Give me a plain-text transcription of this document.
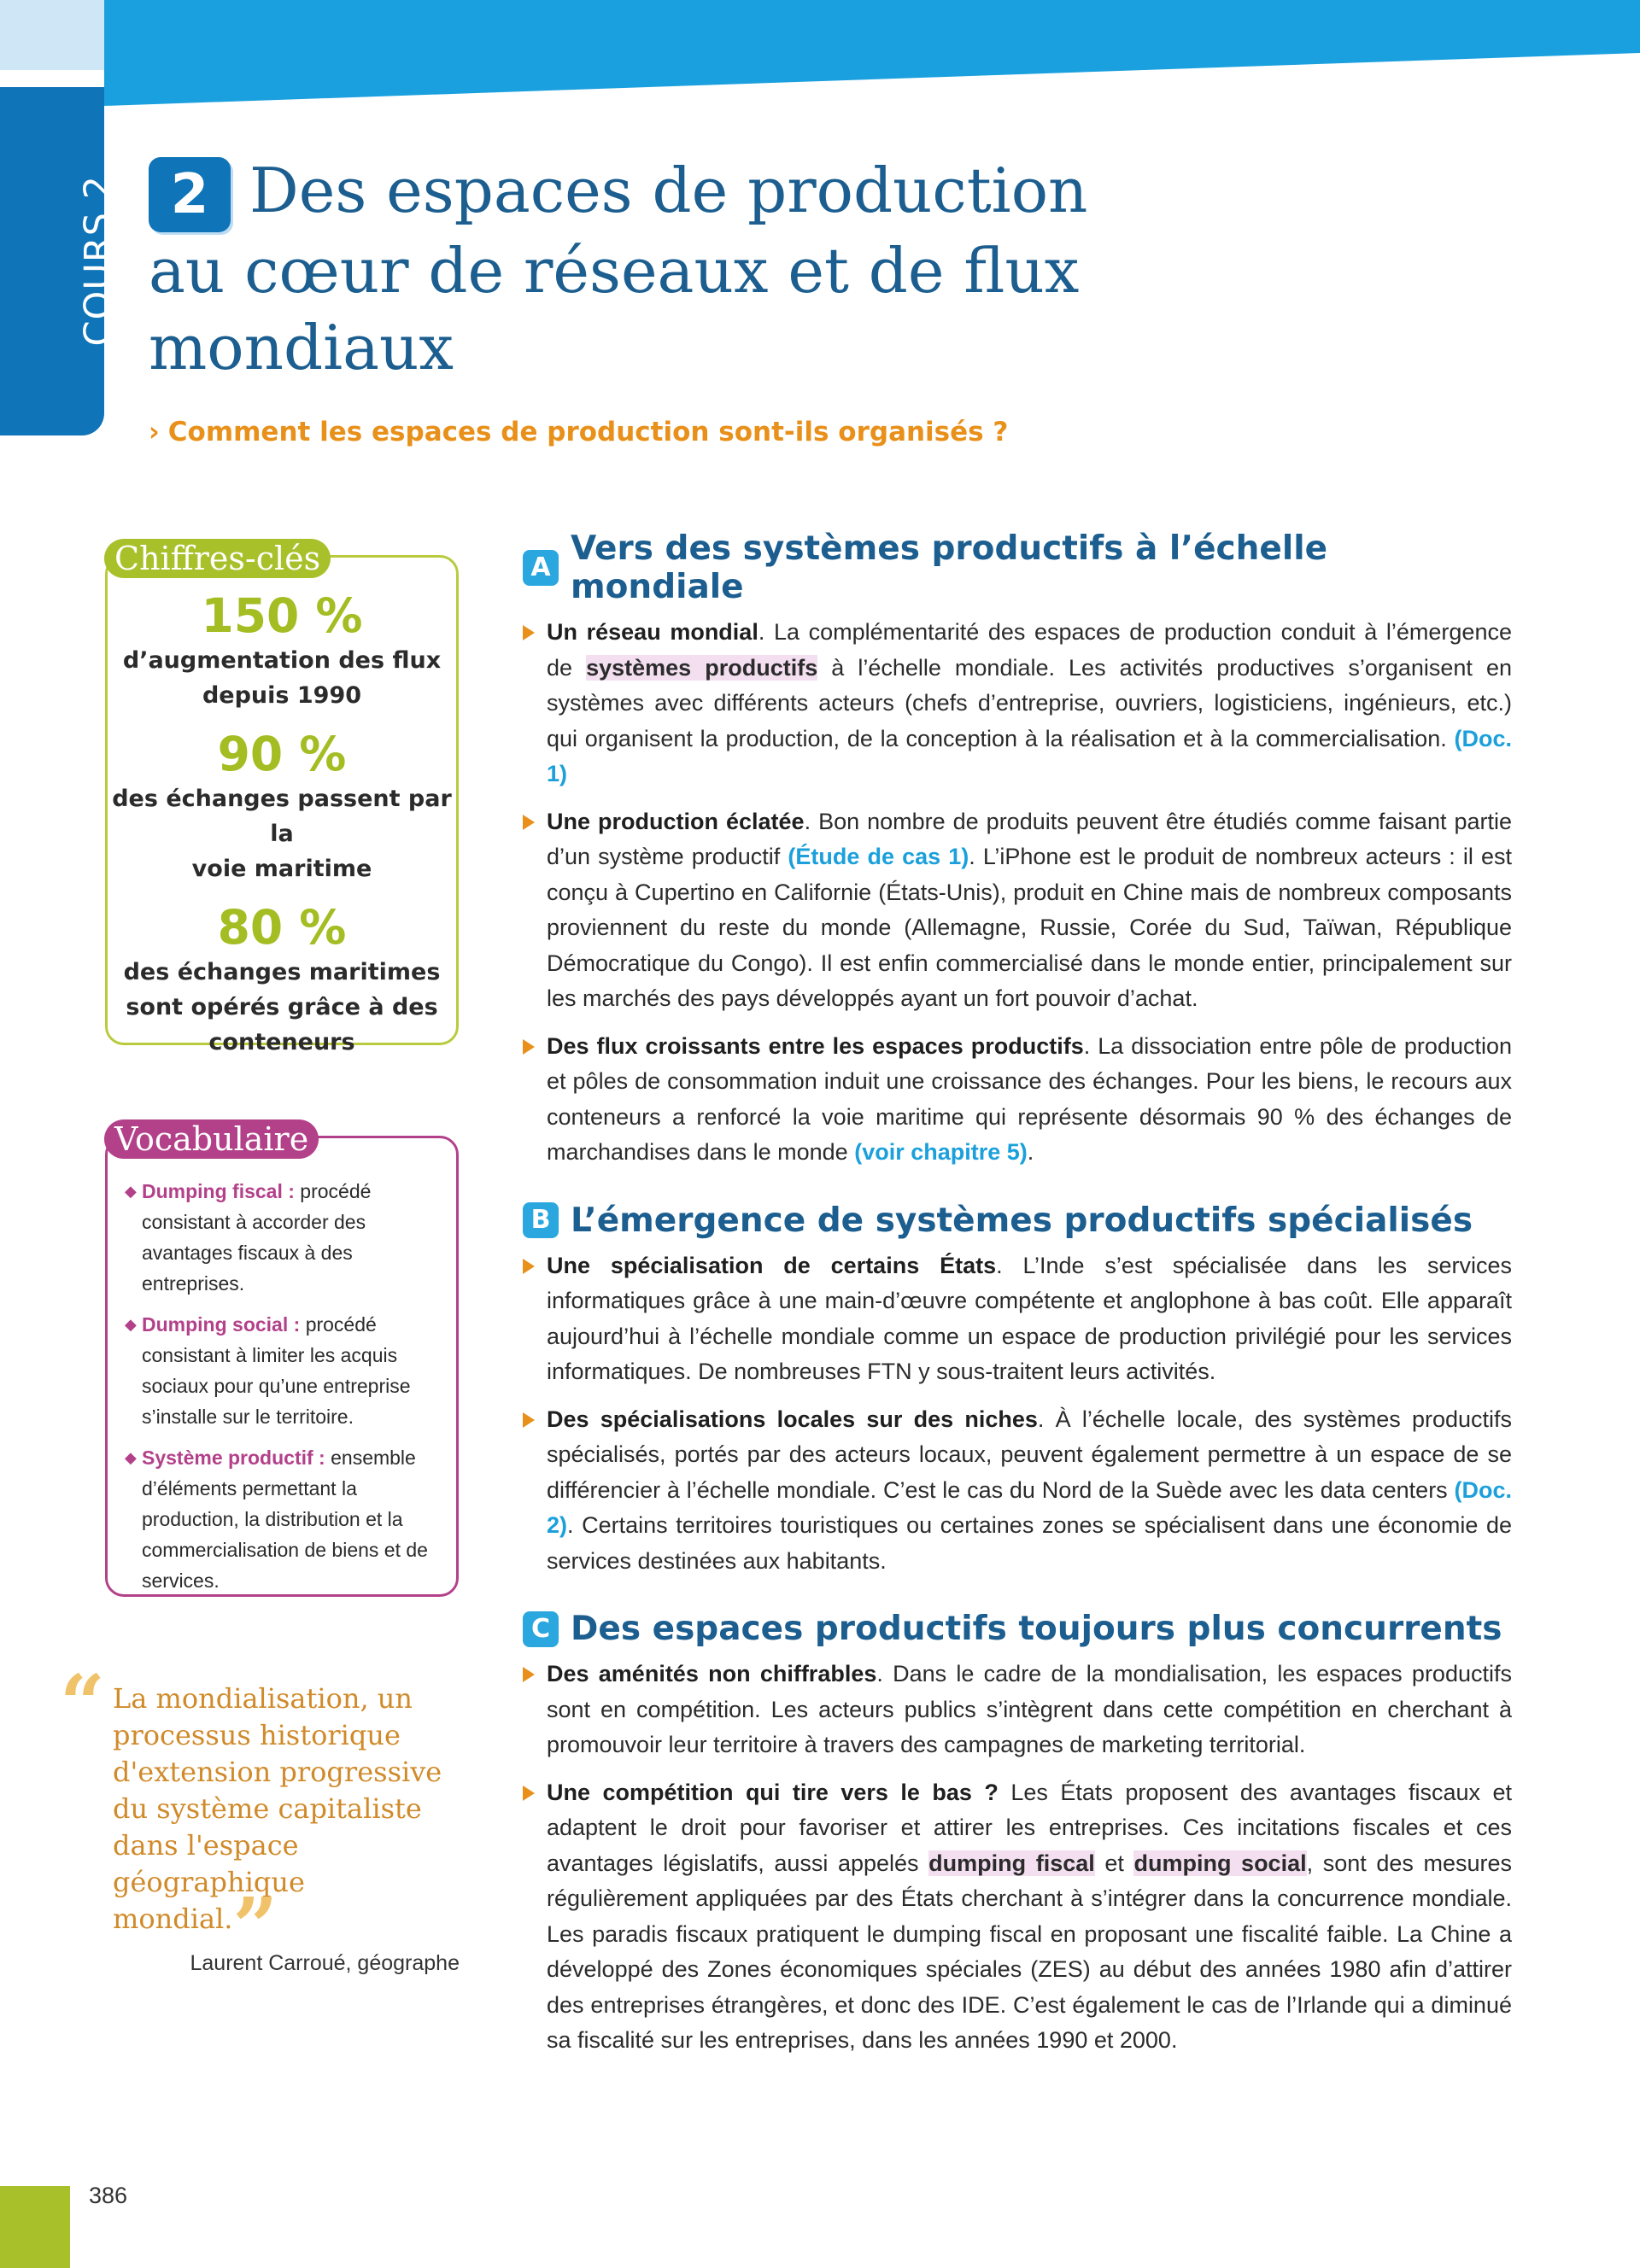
COURS 2 2 Des espaces de production
au cœur de réseaux et de flux
mondiaux
› Comment les espaces de production sont-ils organisés ?
Chiffres-clés
150 %
d’augmentation des flux
depuis 1990
90 %
des échanges passent par la
voie maritime
80 %
des échanges maritimes
sont opérés grâce à des
conteneurs
Vocabulaire
◆ Dumping fiscal : procédé consistant à accorder des avantages fiscaux à des entreprises.
◆ Dumping social : procédé consistant à limiter les acquis sociaux pour qu’une entreprise s’installe sur le territoire.
◆ Système productif : ensemble d’éléments permettant la production, la distribution et la commercialisation de biens et de services.
“ La mondialisation, un processus historique d'extension progressive du système capitaliste dans l'espace géographique mondial.”
Laurent Carroué, géographe
A Vers des systèmes productifs à l’échelle mondiale
Un réseau mondial. La complémentarité des espaces de production conduit à l’émergence de systèmes productifs à l’échelle mondiale. Les activités productives s’organisent en systèmes avec différents acteurs (chefs d’entreprise, ouvriers, logisticiens, ingénieurs, etc.) qui organisent la production, de la conception à la réalisation et à la commercialisation. (Doc. 1)
Une production éclatée. Bon nombre de produits peuvent être étudiés comme faisant partie d’un système productif (Étude de cas 1). L’iPhone est le produit de nombreux acteurs : il est conçu à Cupertino en Californie (États-Unis), produit en Chine mais de nombreux composants proviennent du reste du monde (Allemagne, Russie, Corée du Sud, Taïwan, République Démocratique du Congo). Il est enfin commercialisé dans le monde entier, principalement sur les marchés des pays développés ayant un fort pouvoir d’achat.
Des flux croissants entre les espaces productifs. La dissociation entre pôle de production et pôles de consommation induit une croissance des échanges. Pour les biens, le recours aux conteneurs a renforcé la voie maritime qui représente désormais 90 % des échanges de marchandises dans le monde (voir chapitre 5).
B L’émergence de systèmes productifs spécialisés
Une spécialisation de certains États. L’Inde s’est spécialisée dans les services informatiques grâce à une main-d’œuvre compétente et anglophone à bas coût. Elle apparaît aujourd’hui à l’échelle mondiale comme un espace de production privilégié pour les services informatiques. De nombreuses FTN y sous-traitent leurs activités.
Des spécialisations locales sur des niches. À l’échelle locale, des systèmes productifs spécialisés, portés par des acteurs locaux, peuvent également permettre à un espace de se différencier à l’échelle mondiale. C’est le cas du Nord de la Suède avec les data centers (Doc. 2). Certains territoires touristiques ou certaines zones se spécialisent dans une économie de services destinées aux habitants.
C Des espaces productifs toujours plus concurrents
Des aménités non chiffrables. Dans le cadre de la mondialisation, les espaces productifs sont en compétition. Les acteurs publics s’intègrent dans cette compétition en cherchant à promouvoir leur territoire à travers des campagnes de marketing territorial.
Une compétition qui tire vers le bas ? Les États proposent des avantages fiscaux et adaptent le droit pour favoriser et attirer les entreprises. Ces incitations fiscales et ces avantages législatifs, aussi appelés dumping fiscal et dumping social, sont des mesures régulièrement appliquées par des États cherchant à s’intégrer dans la concurrence mondiale. Les paradis fiscaux pratiquent le dumping fiscal en proposant une fiscalité faible. La Chine a développé des Zones économiques spéciales (ZES) au début des années 1980 afin d’attirer des entreprises étrangères, et donc des IDE. C’est également le cas de l’Irlande qui a diminué sa fiscalité sur les entreprises, dans les années 1990 et 2000.
386
